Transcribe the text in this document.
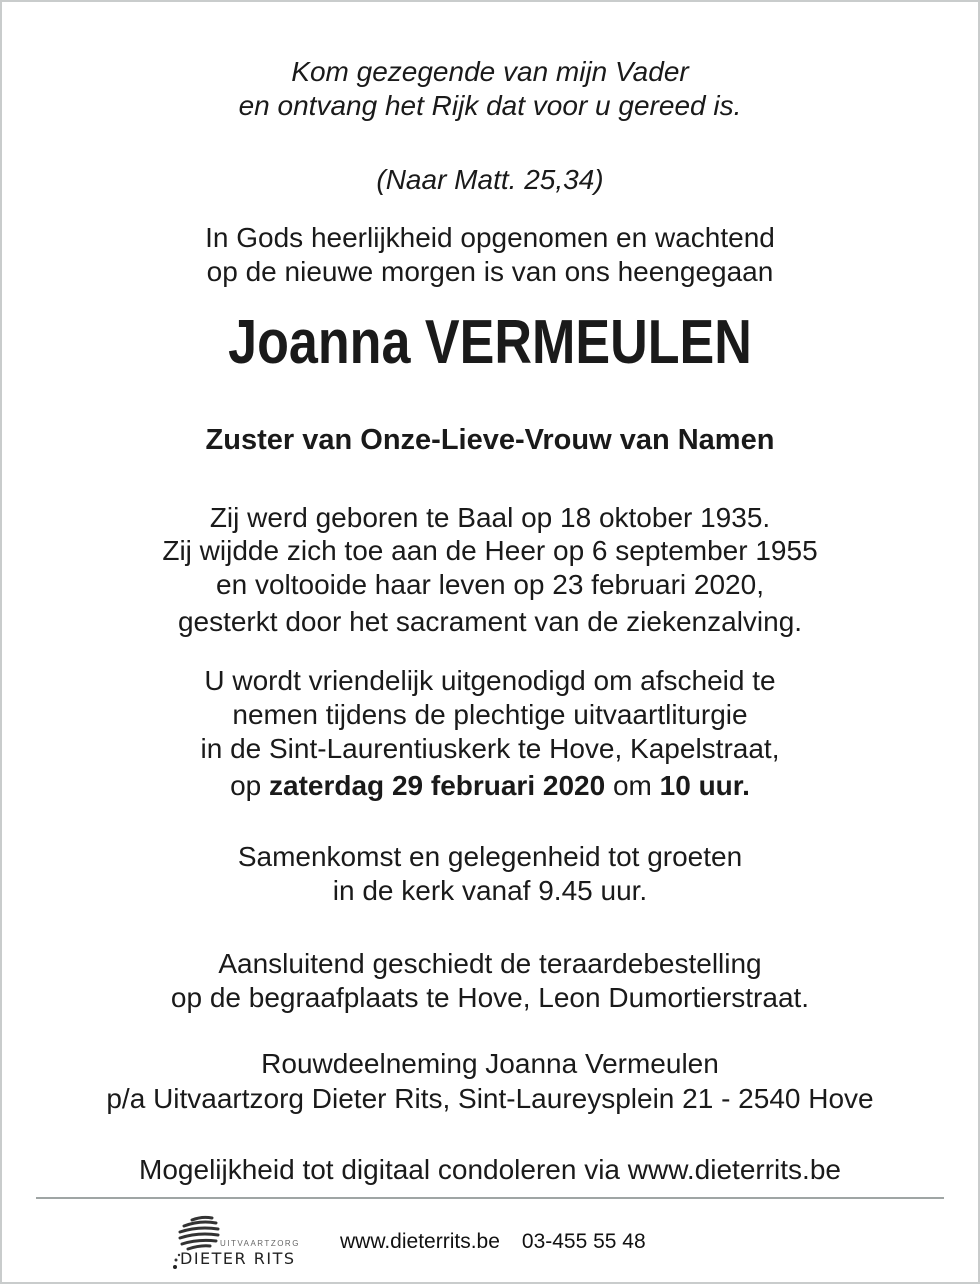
Kom gezegende van mijn Vader
en ontvang het Rijk dat voor u gereed is.
(Naar Matt. 25,34)
In Gods heerlijkheid opgenomen en wachtend
op de nieuwe morgen is van ons heengegaan
Joanna VERMEULEN
Zuster van Onze-Lieve-Vrouw van Namen
Zij werd geboren te Baal op 18 oktober 1935.
Zij wijdde zich toe aan de Heer op 6 september 1955
en voltooide haar leven op 23 februari 2020,
gesterkt door het sacrament van de ziekenzalving.
U wordt vriendelijk uitgenodigd om afscheid te
nemen tijdens de plechtige uitvaartliturgie
in de Sint-Laurentiuskerk te Hove, Kapelstraat,
op zaterdag 29 februari 2020 om 10 uur.
Samenkomst en gelegenheid tot groeten
in de kerk vanaf 9.45 uur.
Aansluitend geschiedt de teraardebestelling
op de begraafplaats te Hove, Leon Dumortierstraat.
Rouwdeelneming Joanna Vermeulen
p/a Uitvaartzorg Dieter Rits, Sint-Laureysplein 21 - 2540 Hove
Mogelijkheid tot digitaal condoleren via www.dieterrits.be
UITVAARTZORG
DIETER RITS
www.dieterrits.be 03-455 55 48
